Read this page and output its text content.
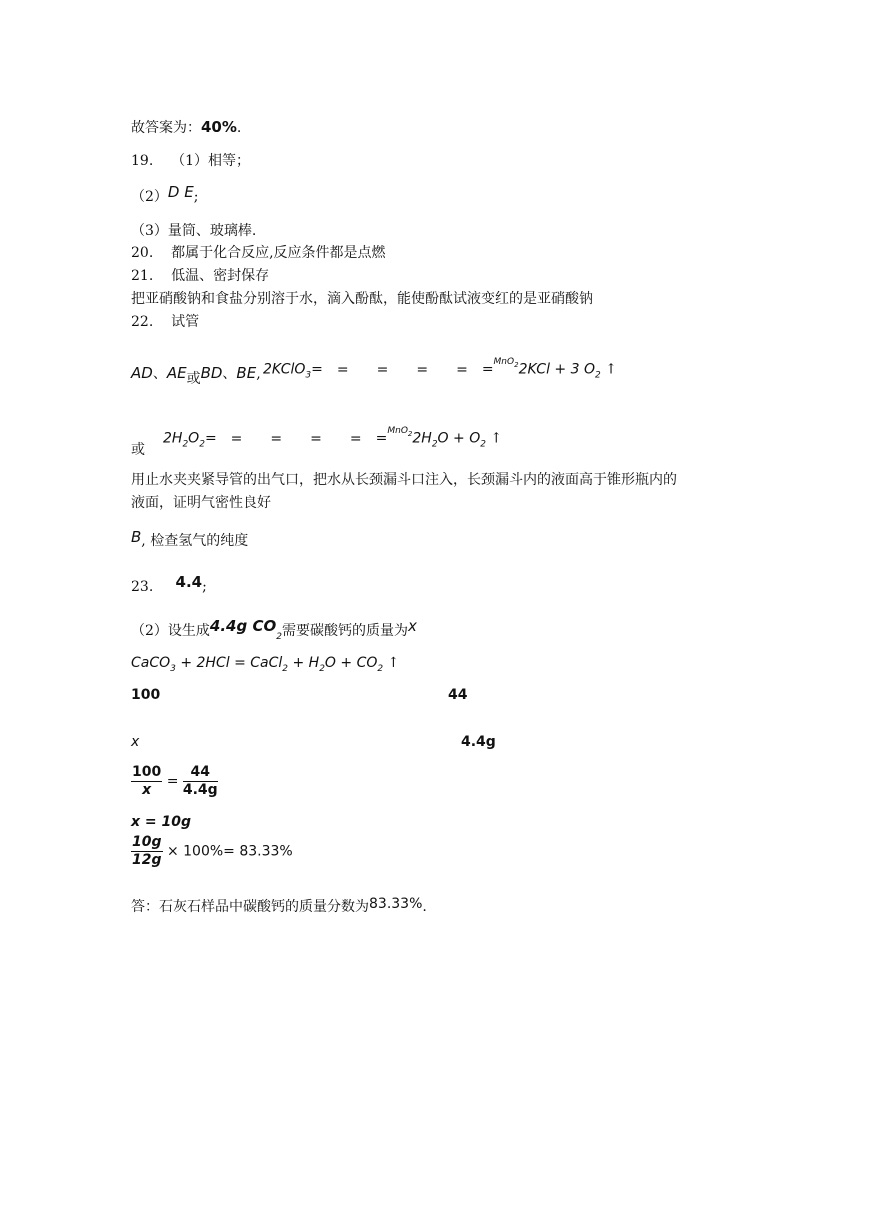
故答案为：40%.
19. （1）相等；
（2）D E;
（3）量筒、玻璃棒.
20. 都属于化合反应,反应条件都是点燃
21. 低温、密封保存
把亚硝酸钠和食盐分别溶于水，滴入酚酞，能使酚酞试液变红的是亚硝酸钠
22. 试管
AD、AE或BD、BE, 2KClO$_3$= = = = = =$^{MnO_2}$2KCl + 3 $O_2$ ↑
或
$2H_2O_2=$ = = = = $=^{MnO_2}2H_2O + O_2$ ↑
用止水夹夹紧导管的出气口，把水从长颈漏斗口注入，长颈漏斗内的液面高于锥形瓶内的
液面，证明气密性良好
B, 检查氢气的纯度
23. 4.4;
（2）设生成4.4g $CO_2$需要碳酸钙的质量为x
CaCO$_3$ + 2HCl = CaCl$_2$ + $H_2O + CO_2$ ↑
100	44
x	4.4g
$\frac{100}{x} = \frac{44}{4.4g}$
x = 10g
$\frac{10g}{12g} \times 100\%= 83.33\%$
答：石灰石样品中碳酸钙的质量分数为83.33%.
